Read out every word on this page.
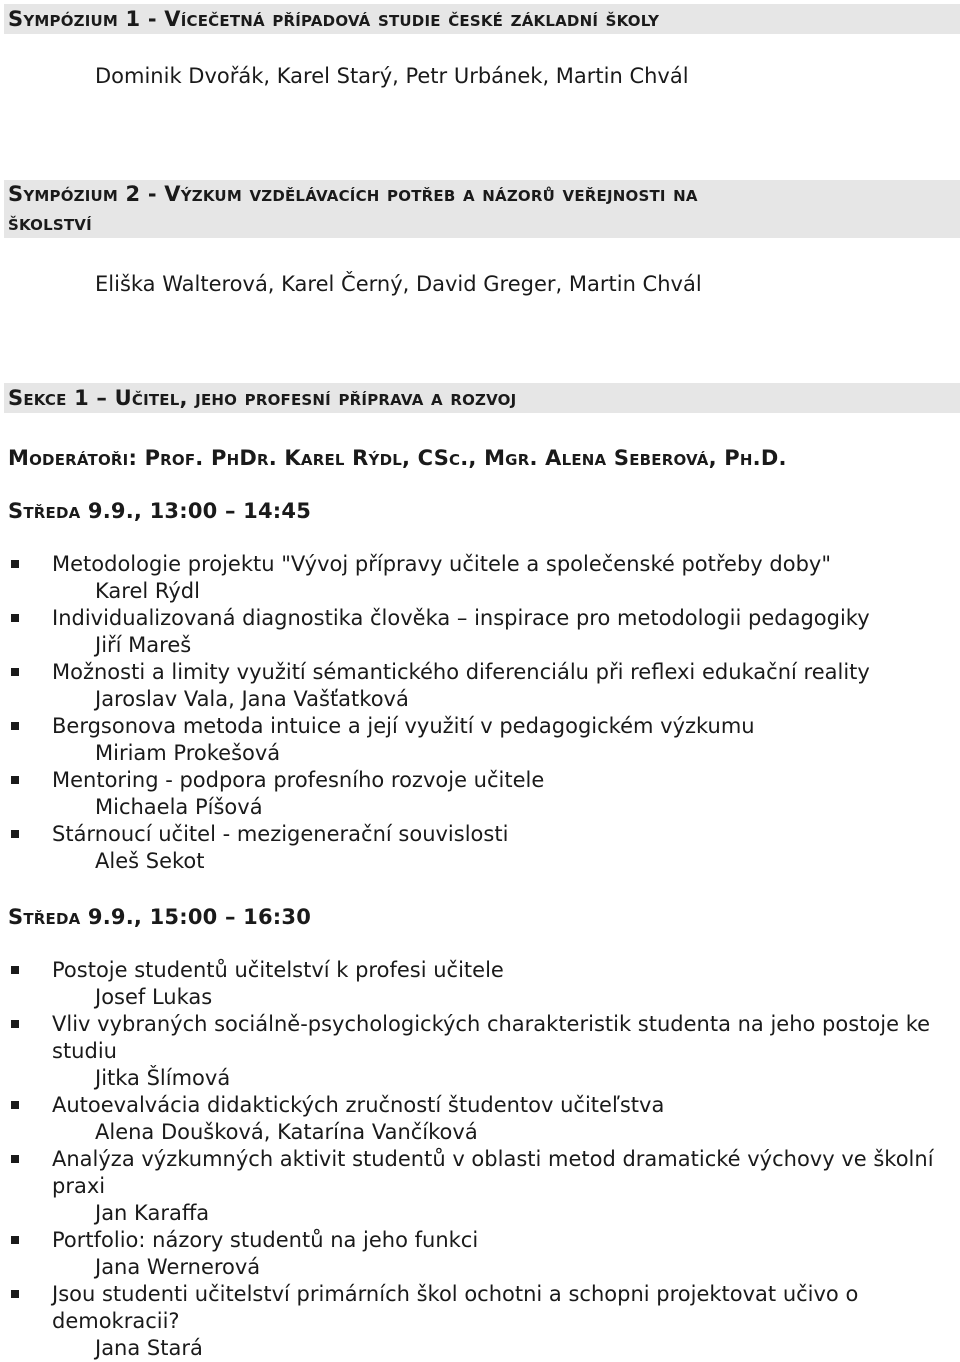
Sympózium 1 - Vícečetná případová studie české základní školy
Dominik Dvořák, Karel Starý, Petr Urbánek, Martin Chvál
Sympózium 2 - Výzkum vzdělávacích potřeb a názorů veřejnosti na
školství
Eliška Walterová, Karel Černý, David Greger, Martin Chvál
Sekce 1 – Učitel, jeho profesní příprava a rozvoj
Moderátoři: Prof. PhDr. Karel Rýdl, CSc., Mgr. Alena Seberová, Ph.D.
Středa 9.9., 13:00 – 14:45
Metodologie projektu "Vývoj přípravy učitele a společenské potřeby doby"
Karel Rýdl
Individualizovaná diagnostika člověka – inspirace pro metodologii pedagogiky
Jiří Mareš
Možnosti a limity využití sémantického diferenciálu při reflexi edukační reality
Jaroslav Vala, Jana Vašťatková
Bergsonova metoda intuice a její využití v pedagogickém výzkumu
Miriam Prokešová
Mentoring - podpora profesního rozvoje učitele
Michaela Píšová
Stárnoucí učitel - mezigenerační souvislosti
Aleš Sekot
Středa 9.9., 15:00 – 16:30
Postoje studentů učitelství k profesi učitele
Josef Lukas
Vliv vybraných sociálně-psychologických charakteristik studenta na jeho postoje ke studiu
Jitka Šlímová
Autoevalvácia didaktických zručností študentov učiteľstva
Alena Doušková, Katarína Vančíková
Analýza výzkumných aktivit studentů v oblasti metod dramatické výchovy ve školní praxi
Jan Karaffa
Portfolio: názory studentů na jeho funkci
Jana Wernerová
Jsou studenti učitelství primárních škol ochotni a schopni projektovat učivo o demokracii?
Jana Stará
